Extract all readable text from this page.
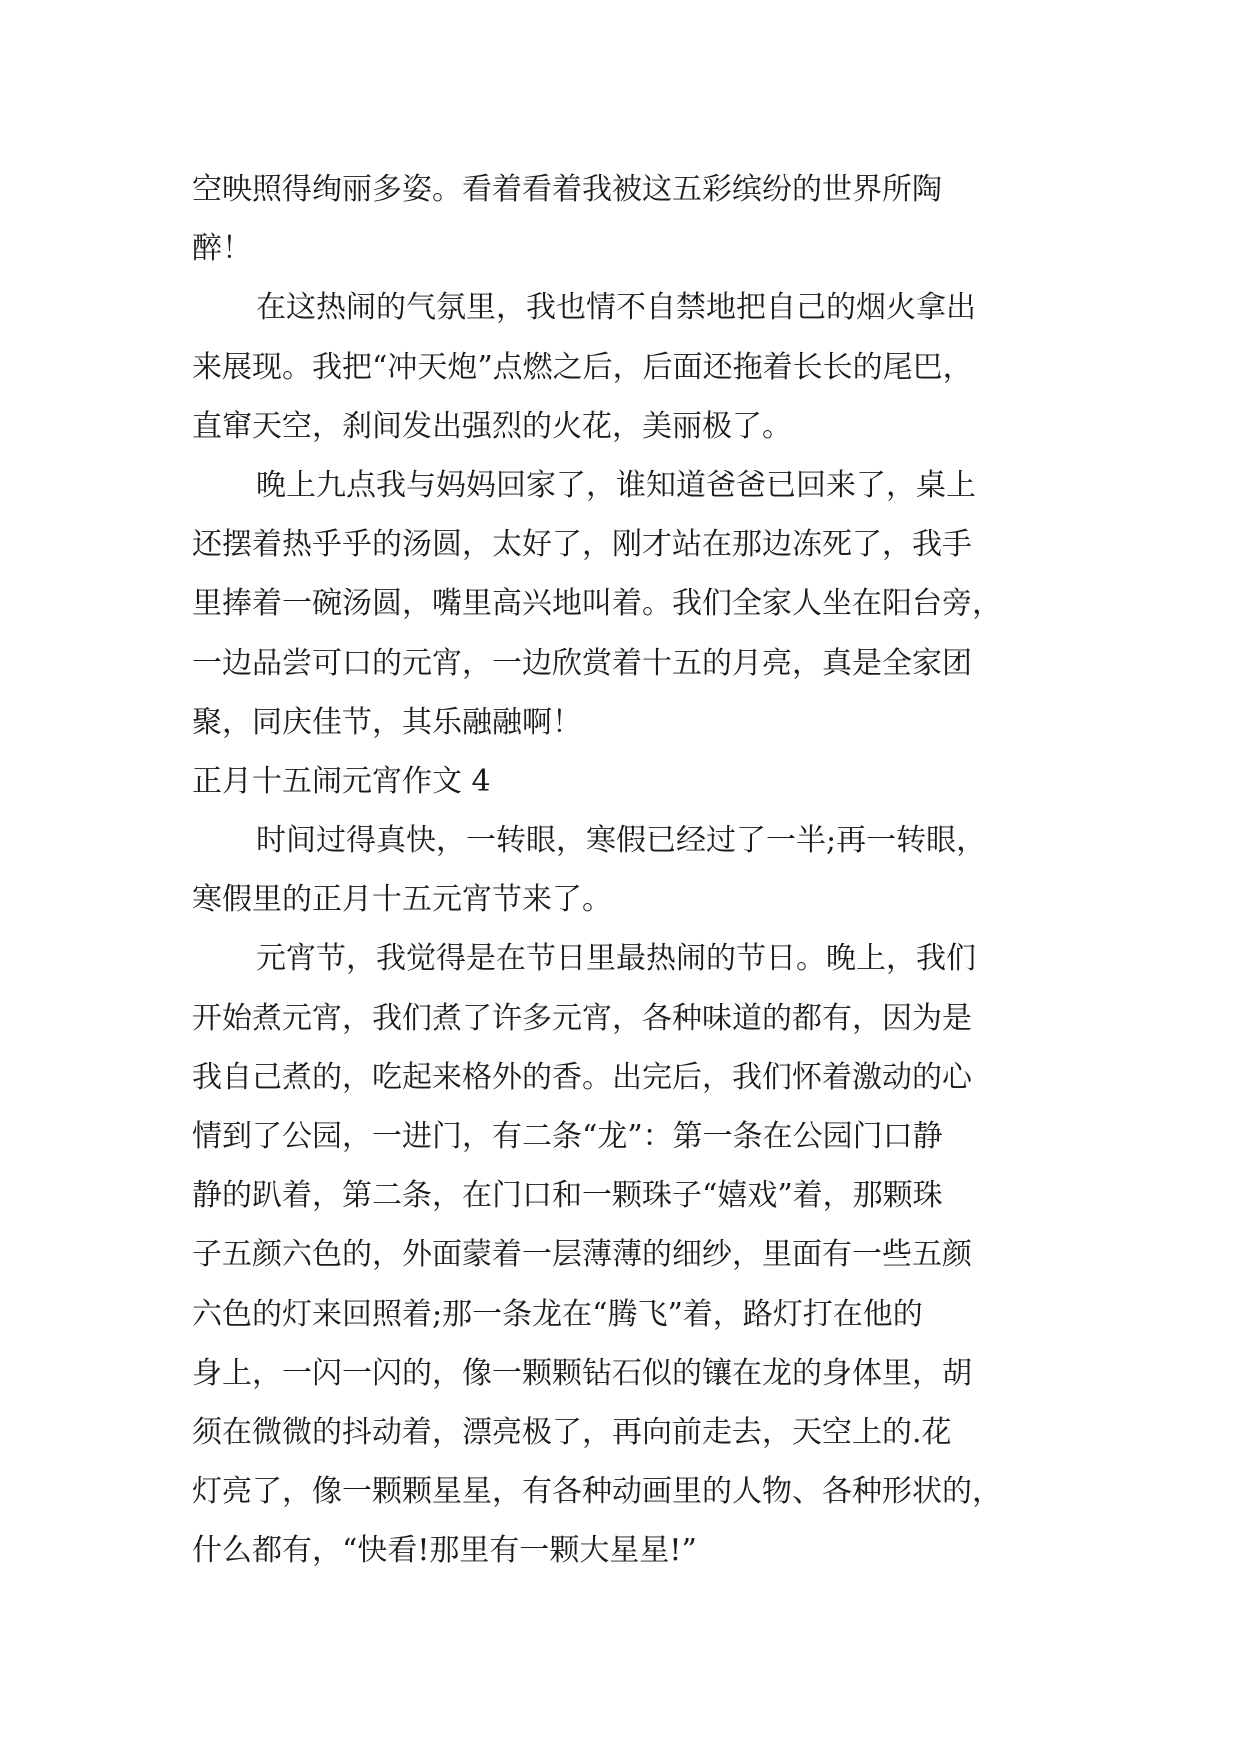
空映照得绚丽多姿。看着看着我被这五彩缤纷的世界所陶
醉！
在这热闹的气氛里，我也情不自禁地把自己的烟火拿出
来展现。我把“冲天炮”点燃之后，后面还拖着长长的尾巴，
直窜天空，刹间发出强烈的火花，美丽极了。
晚上九点我与妈妈回家了，谁知道爸爸已回来了，桌上
还摆着热乎乎的汤圆，太好了，刚才站在那边冻死了，我手
里捧着一碗汤圆，嘴里高兴地叫着。我们全家人坐在阳台旁，
一边品尝可口的元宵，一边欣赏着十五的月亮，真是全家团
聚，同庆佳节，其乐融融啊！
正月十五闹元宵作文 4
时间过得真快，一转眼，寒假已经过了一半;再一转眼，
寒假里的正月十五元宵节来了。
元宵节，我觉得是在节日里最热闹的节日。晚上，我们
开始煮元宵，我们煮了许多元宵，各种味道的都有，因为是
我自己煮的，吃起来格外的香。出完后，我们怀着激动的心
情到了公园，一进门，有二条“龙”：第一条在公园门口静
静的趴着，第二条，在门口和一颗珠子“嬉戏”着，那颗珠
子五颜六色的，外面蒙着一层薄薄的细纱，里面有一些五颜
六色的灯来回照着;那一条龙在“腾飞”着，路灯打在他的
身上，一闪一闪的，像一颗颗钻石似的镶在龙的身体里，胡
须在微微的抖动着，漂亮极了，再向前走去，天空上的.花
灯亮了，像一颗颗星星，有各种动画里的人物、各种形状的，
什么都有，“快看!那里有一颗大星星!”
